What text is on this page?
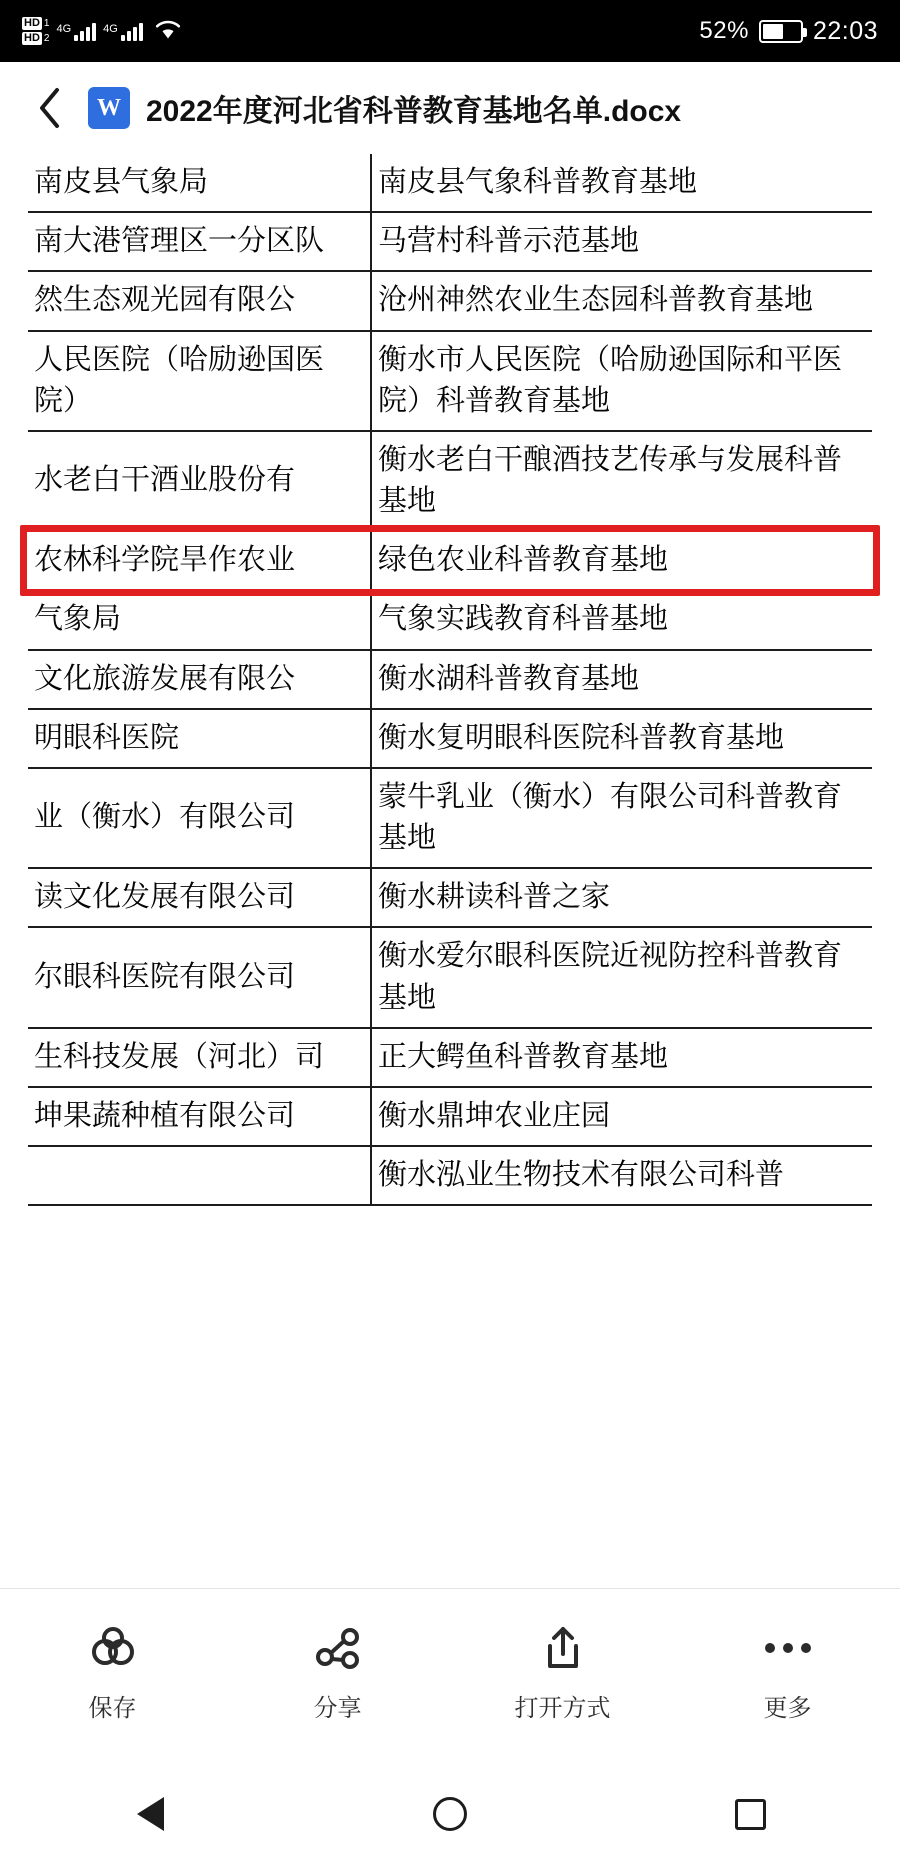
HD 1
HD 2
4G	4G	52%	22:03
W 2022年度河北省科普教育基地名单.docx
南皮县气象局	南皮县气象科普教育基地
南大港管理区一分区队	马营村科普示范基地
然生态观光园有限公	沧州神然农业生态园科普教育基地
人民医院（哈励逊国医院）	衡水市人民医院（哈励逊国际和平医院）科普教育基地
水老白干酒业股份有	衡水老白干酿酒技艺传承与发展科普基地
农林科学院旱作农业	绿色农业科普教育基地
气象局	气象实践教育科普基地
文化旅游发展有限公	衡水湖科普教育基地
明眼科医院	衡水复明眼科医院科普教育基地
业（衡水）有限公司	蒙牛乳业（衡水）有限公司科普教育基地
读文化发展有限公司	衡水耕读科普之家
尔眼科医院有限公司	衡水爱尔眼科医院近视防控科普教育基地
生科技发展（河北）司	正大鳄鱼科普教育基地
坤果蔬种植有限公司	衡水鼎坤农业庄园
	衡水泓业生物技术有限公司科普
保存	分享	打开方式	更多
